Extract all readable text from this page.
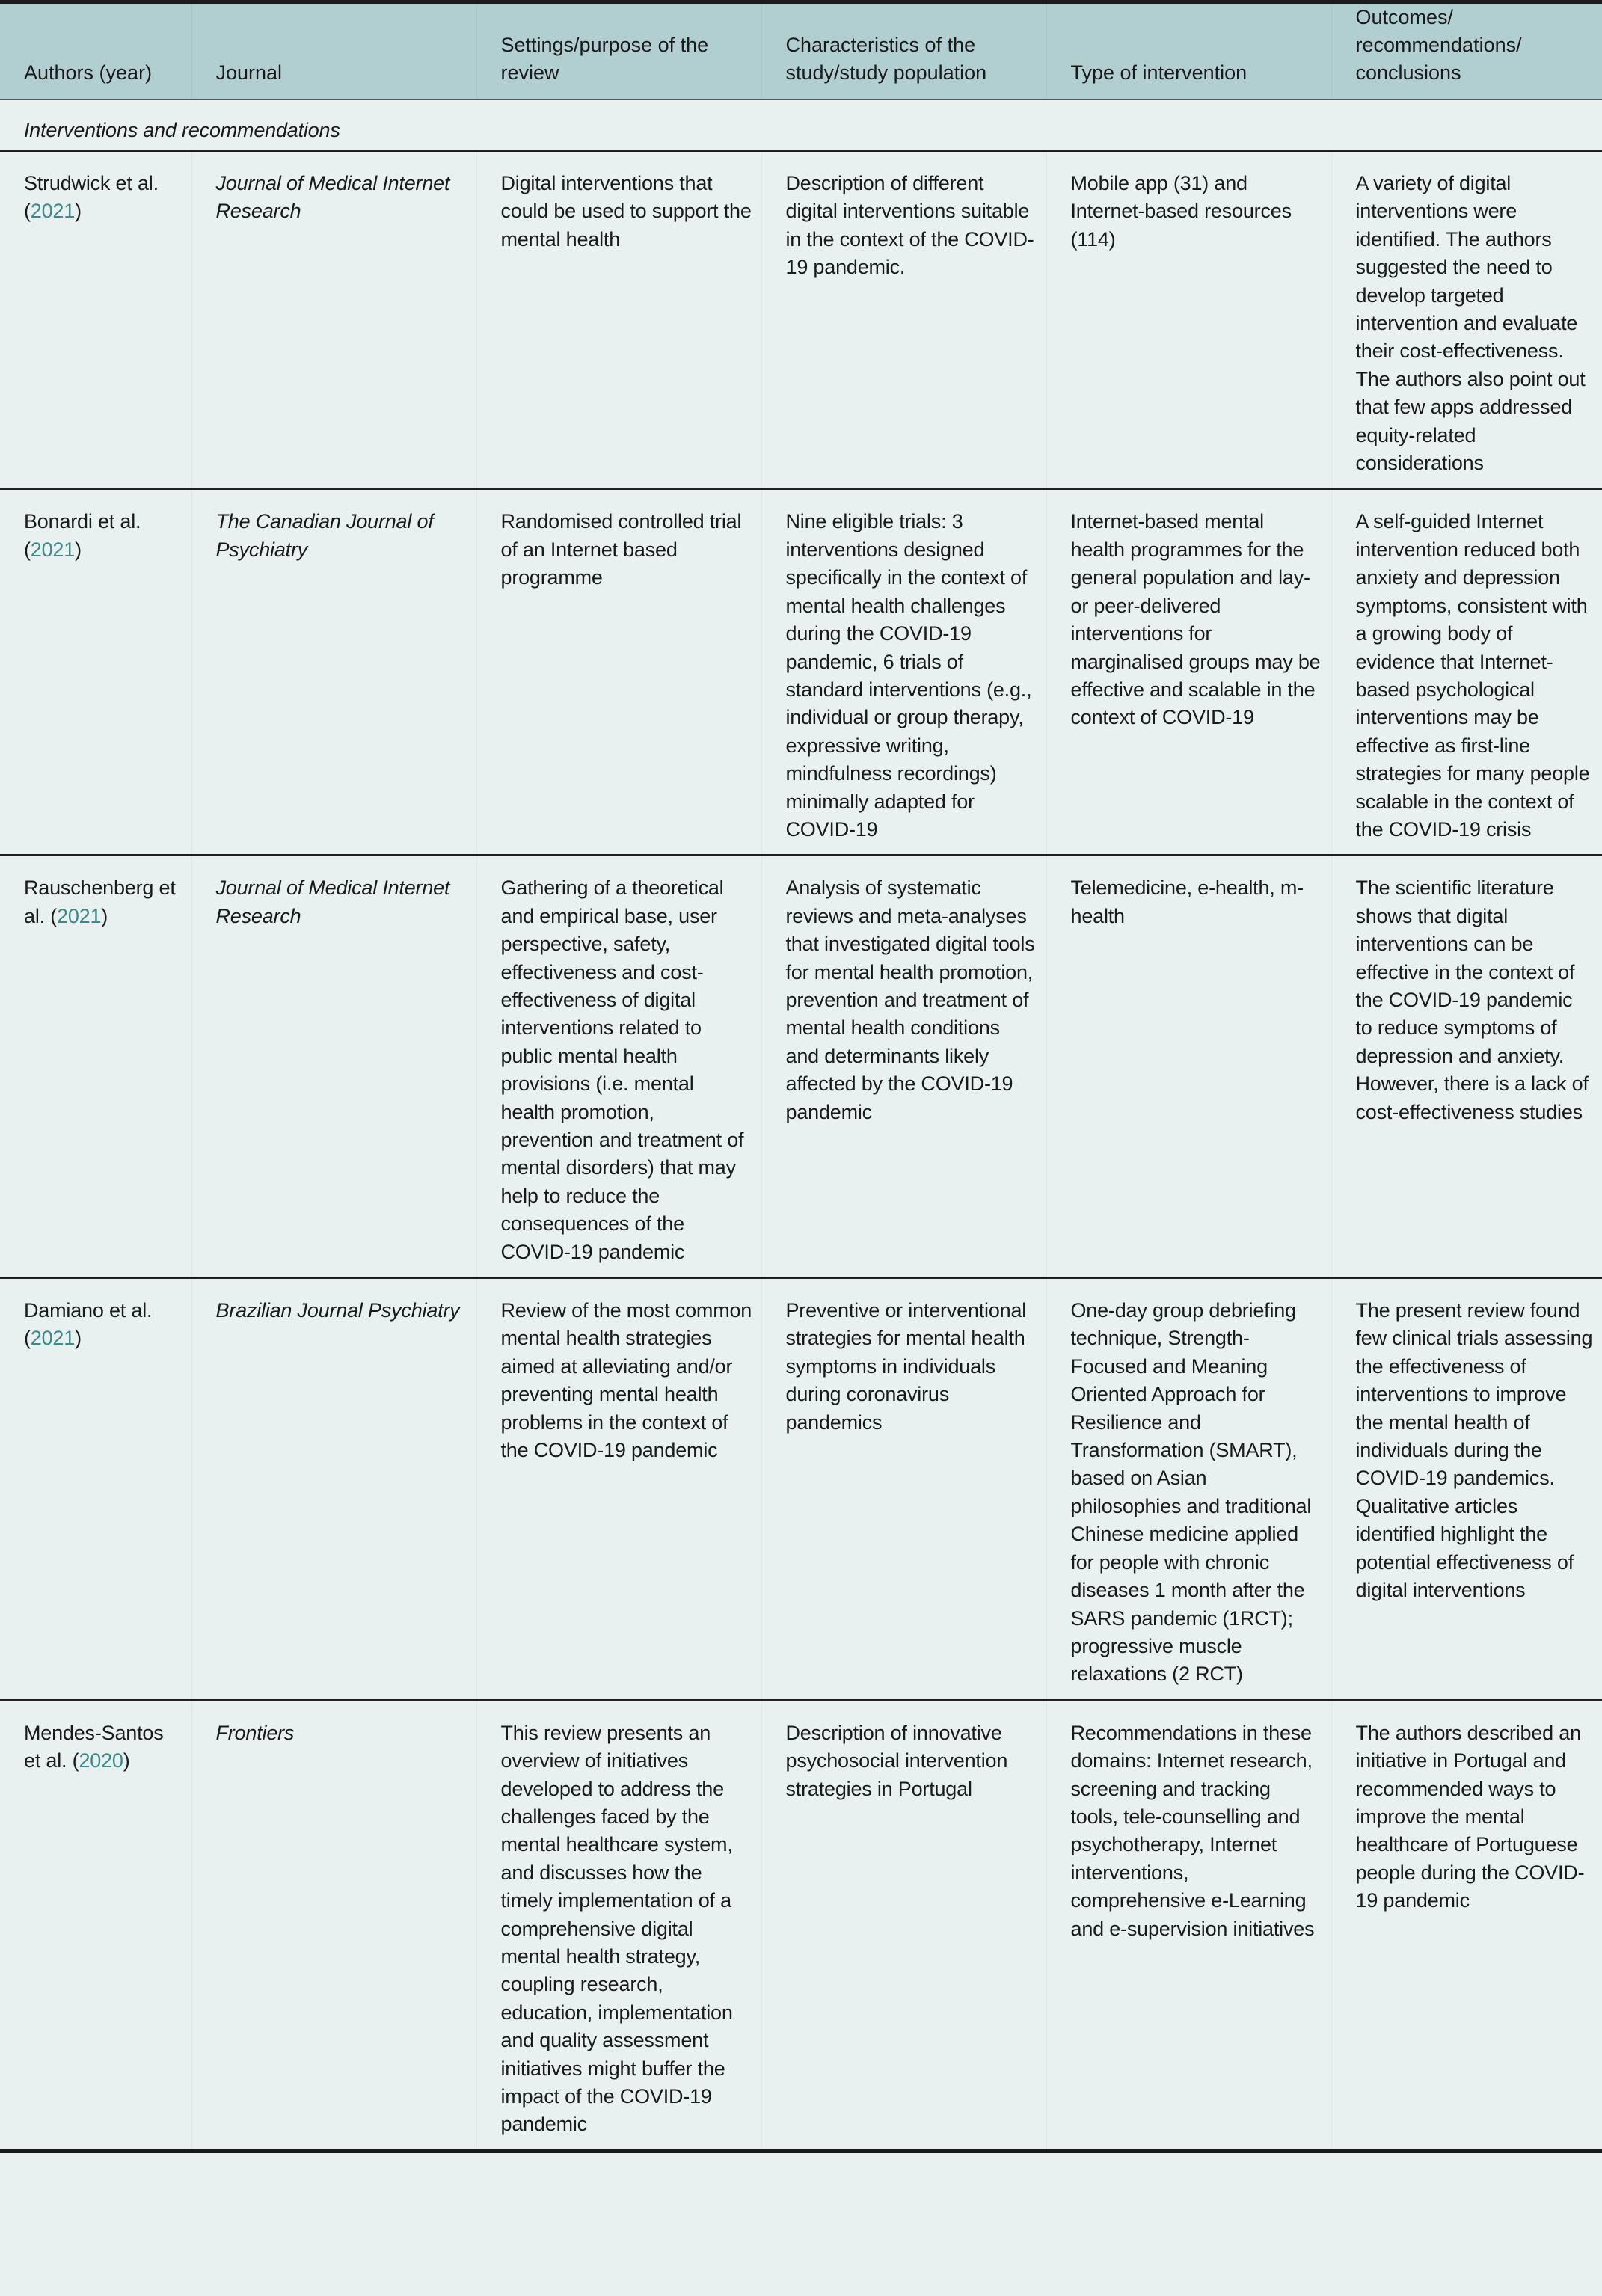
Authors (year)	Journal	Settings/purpose of the review	Characteristics of the study/study population	Type of intervention	Outcomes/ recommendations/ conclusions
Interventions and recommendations					
Strudwick et al.
(2021)	Journal of Medical Internet Research	Digital interventions that could be used to support the mental health	Description of different digital interventions suitable in the context of the COVID-19 pandemic.	Mobile app (31) and Internet-based resources (114)	A variety of digital interventions were identified. The authors suggested the need to develop targeted intervention and evaluate their cost-effectiveness. The authors also point out that few apps addressed equity-related considerations
Bonardi et al.
(2021)	The Canadian Journal of Psychiatry	Randomised controlled trial of an Internet based programme	Nine eligible trials: 3 interventions designed specifically in the context of mental health challenges during the COVID-19 pandemic, 6 trials of standard interventions (e.g., individual or group therapy, expressive writing, mindfulness recordings) minimally adapted for COVID-19	Internet-based mental health programmes for the general population and lay- or peer-delivered interventions for marginalised groups may be effective and scalable in the context of COVID-19	A self-guided Internet intervention reduced both anxiety and depression symptoms, consistent with a growing body of evidence that Internet-based psychological interventions may be effective as first-line strategies for many people scalable in the context of the COVID-19 crisis
Rauschenberg et al. (2021)	Journal of Medical Internet Research	Gathering of a theoretical and empirical base, user perspective, safety, effectiveness and cost-effectiveness of digital interventions related to public mental health provisions (i.e. mental health promotion, prevention and treatment of mental disorders) that may help to reduce the consequences of the COVID-19 pandemic	Analysis of systematic reviews and meta-analyses that investigated digital tools for mental health promotion, prevention and treatment of mental health conditions and determinants likely affected by the COVID-19 pandemic	Telemedicine, e-health, m-health	The scientific literature shows that digital interventions can be effective in the context of the COVID-19 pandemic to reduce symptoms of depression and anxiety. However, there is a lack of cost-effectiveness studies
Damiano et al.
(2021)	Brazilian Journal Psychiatry	Review of the most common mental health strategies aimed at alleviating and/or preventing mental health problems in the context of the COVID-19 pandemic	Preventive or interventional strategies for mental health symptoms in individuals during coronavirus pandemics	One-day group debriefing technique, Strength-Focused and Meaning Oriented Approach for Resilience and Transformation (SMART), based on Asian philosophies and traditional Chinese medicine applied for people with chronic diseases 1 month after the SARS pandemic (1RCT); progressive muscle relaxations (2 RCT)	The present review found few clinical trials assessing the effectiveness of interventions to improve the mental health of individuals during the COVID-19 pandemics. Qualitative articles identified highlight the potential effectiveness of digital interventions
Mendes-Santos et al. (2020)	Frontiers	This review presents an overview of initiatives developed to address the challenges faced by the mental healthcare system, and discusses how the timely implementation of a comprehensive digital mental health strategy, coupling research, education, implementation and quality assessment initiatives might buffer the impact of the COVID-19 pandemic	Description of innovative psychosocial intervention strategies in Portugal	Recommendations in these domains: Internet research, screening and tracking tools, tele-counselling and psychotherapy, Internet interventions, comprehensive e-Learning and e-supervision initiatives	The authors described an initiative in Portugal and recommended ways to improve the mental healthcare of Portuguese people during the COVID-19 pandemic
